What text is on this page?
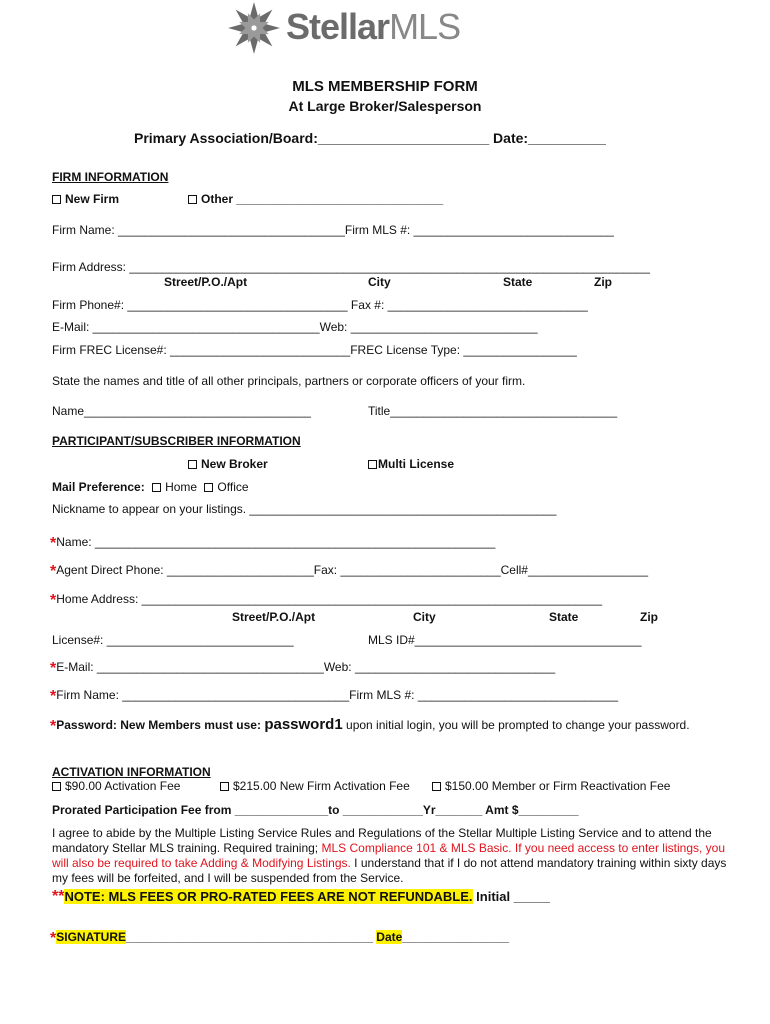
StellarMLS
MLS MEMBERSHIP FORM
At Large Broker/Salesperson
Primary Association/Board:______________________ Date:__________
FIRM INFORMATION
New Firm	Other _______________________________
Firm Name: __________________________________Firm MLS #: ______________________________
Firm Address: ______________________________________________________________________________
Street/P.O./Apt	City	State	Zip
Firm Phone#: _________________________________ Fax #: ______________________________
E-Mail: __________________________________Web: ____________________________
Firm FREC License#: ___________________________FREC License Type: _________________
State the names and title of all other principals, partners or corporate officers of your firm.
Name__________________________________	Title__________________________________
PARTICIPANT/SUBSCRIBER INFORMATION
New Broker	Multi License
Mail Preference: Home Office
Nickname to appear on your listings. ______________________________________________
*Name: ____________________________________________________________
*Agent Direct Phone: ______________________Fax: ________________________Cell#__________________
*Home Address: _____________________________________________________________________
Street/P.O./Apt	City	State	Zip
License#: ____________________________	MLS ID#__________________________________
*E-Mail: __________________________________Web: ______________________________
*Firm Name: __________________________________Firm MLS #: ______________________________
*Password: New Members must use: password1 upon initial login, you will be prompted to change your password.
ACTIVATION INFORMATION
$90.00 Activation Fee	$215.00 New Firm Activation Fee	$150.00 Member or Firm Reactivation Fee
Prorated Participation Fee from ______________to ____________Yr_______ Amt $_________
I agree to abide by the Multiple Listing Service Rules and Regulations of the Stellar Multiple Listing Service and to attend the mandatory Stellar MLS training. Required training; MLS Compliance 101 & MLS Basic. If you need access to enter listings, you will also be required to take Adding & Modifying Listings. I understand that if I do not attend mandatory training within sixty days my fees will be forfeited, and I will be suspended from the Service.
**NOTE: MLS FEES OR PRO-RATED FEES ARE NOT REFUNDABLE. Initial _____
*SIGNATURE_____________________________________ Date________________
